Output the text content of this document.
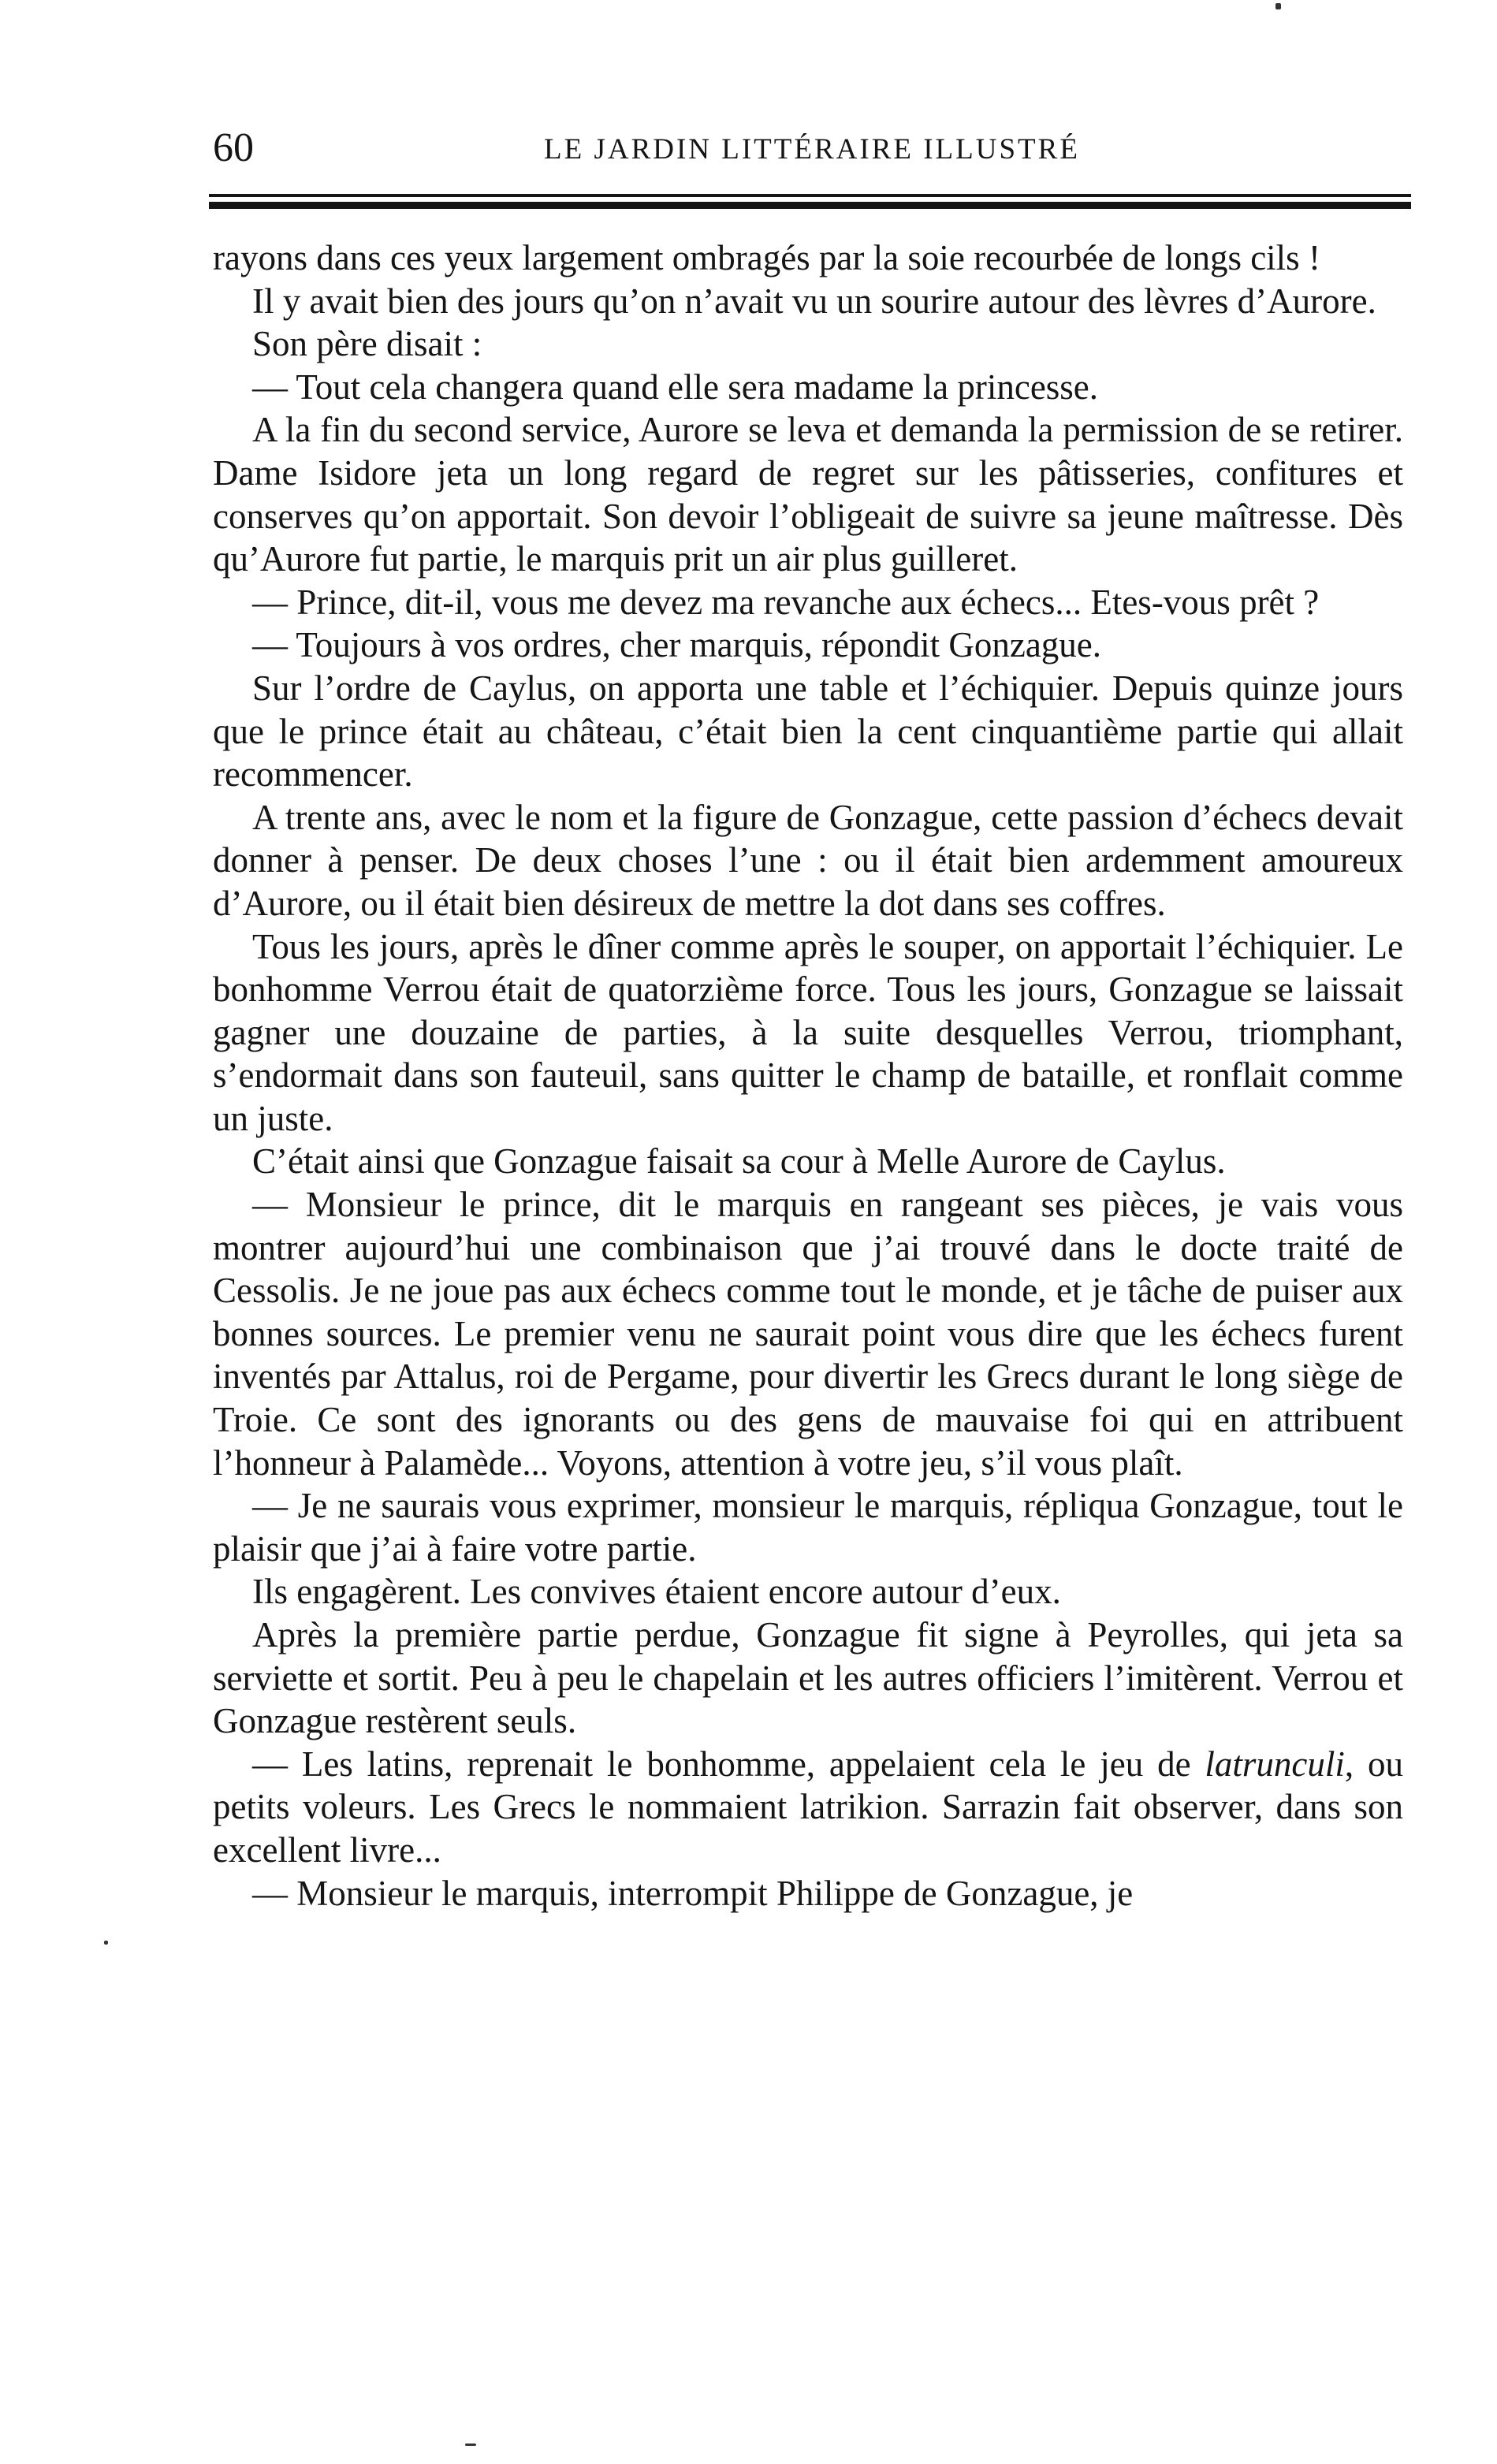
60	LE JARDIN LITTÉRAIRE ILLUSTRÉ

rayons dans ces yeux largement ombragés par la soie recourbée de longs cils !

Il y avait bien des jours qu’on n’avait vu un sourire autour des lèvres d’Aurore.

Son père disait :

— Tout cela changera quand elle sera madame la princesse.

A la fin du second service, Aurore se leva et demanda la permission de se retirer. Dame Isidore jeta un long regard de regret sur les pâtisseries, confitures et conserves qu’on apportait. Son devoir l’obligeait de suivre sa jeune maîtresse. Dès qu’Aurore fut partie, le marquis prit un air plus guilleret.

— Prince, dit-il, vous me devez ma revanche aux échecs... Etes-vous prêt ?

— Toujours à vos ordres, cher marquis, répondit Gonzague.

Sur l’ordre de Caylus, on apporta une table et l’échiquier. Depuis quinze jours que le prince était au château, c’était bien la cent cinquantième partie qui allait recommencer.

A trente ans, avec le nom et la figure de Gonzague, cette passion d’échecs devait donner à penser. De deux choses l’une : ou il était bien ardemment amoureux d’Aurore, ou il était bien désireux de mettre la dot dans ses coffres.

Tous les jours, après le dîner comme après le souper, on apportait l’échiquier. Le bonhomme Verrou était de quatorzième force. Tous les jours, Gonzague se laissait gagner une douzaine de parties, à la suite desquelles Verrou, triomphant, s’endormait dans son fauteuil, sans quitter le champ de bataille, et ronflait comme un juste.

C’était ainsi que Gonzague faisait sa cour à Melle Aurore de Caylus.

— Monsieur le prince, dit le marquis en rangeant ses pièces, je vais vous montrer aujourd’hui une combinaison que j’ai trouvé dans le docte traité de Cessolis. Je ne joue pas aux échecs comme tout le monde, et je tâche de puiser aux bonnes sources. Le premier venu ne saurait point vous dire que les échecs furent inventés par Attalus, roi de Pergame, pour divertir les Grecs durant le long siège de Troie. Ce sont des ignorants ou des gens de mauvaise foi qui en attribuent l’honneur à Palamède... Voyons, attention à votre jeu, s’il vous plaît.

— Je ne saurais vous exprimer, monsieur le marquis, répliqua Gonzague, tout le plaisir que j’ai à faire votre partie.

Ils engagèrent. Les convives étaient encore autour d’eux.

Après la première partie perdue, Gonzague fit signe à Peyrolles, qui jeta sa serviette et sortit. Peu à peu le chapelain et les autres officiers l’imitèrent. Verrou et Gonzague restèrent seuls.

— Les latins, reprenait le bonhomme, appelaient cela le jeu de latrunculi, ou petits voleurs. Les Grecs le nommaient latrikion. Sarrazin fait observer, dans son excellent livre...

— Monsieur le marquis, interrompit Philippe de Gonzague, je
